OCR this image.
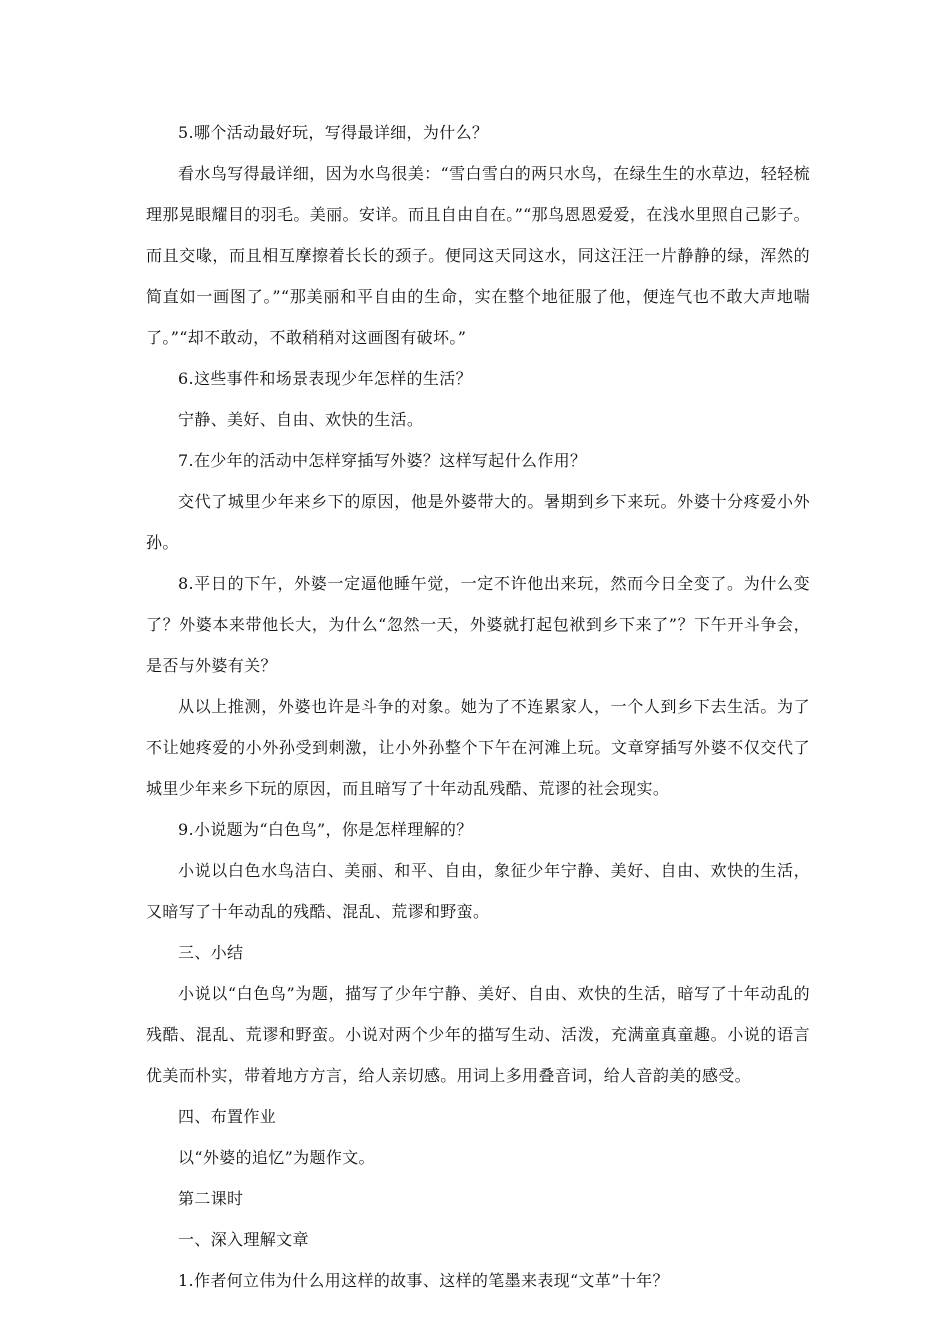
5.哪个活动最好玩，写得最详细，为什么？

看水鸟写得最详细，因为水鸟很美：“雪白雪白的两只水鸟，在绿生生的水草边，轻轻梳理那晃眼耀目的羽毛。美丽。安详。而且自由自在。”“那鸟恩恩爱爱，在浅水里照自己影子。而且交喙，而且相互摩擦着长长的颈子。便同这天同这水，同这汪汪一片静静的绿，浑然的简直如一画图了。”“那美丽和平自由的生命，实在整个地征服了他，便连气也不敢大声地喘了。”“却不敢动，不敢稍稍对这画图有破坏。”

6.这些事件和场景表现少年怎样的生活？

宁静、美好、自由、欢快的生活。

7.在少年的活动中怎样穿插写外婆？这样写起什么作用？

交代了城里少年来乡下的原因，他是外婆带大的。暑期到乡下来玩。外婆十分疼爱小外孙。

8.平日的下午，外婆一定逼他睡午觉，一定不许他出来玩，然而今日全变了。为什么变了？外婆本来带他长大，为什么“忽然一天，外婆就打起包袱到乡下来了”？下午开斗争会，是否与外婆有关？

从以上推测，外婆也许是斗争的对象。她为了不连累家人，一个人到乡下去生活。为了不让她疼爱的小外孙受到刺激，让小外孙整个下午在河滩上玩。文章穿插写外婆不仅交代了城里少年来乡下玩的原因，而且暗写了十年动乱残酷、荒谬的社会现实。

9.小说题为“白色鸟”，你是怎样理解的？

小说以白色水鸟洁白、美丽、和平、自由，象征少年宁静、美好、自由、欢快的生活，又暗写了十年动乱的残酷、混乱、荒谬和野蛮。

三、小结

小说以“白色鸟”为题，描写了少年宁静、美好、自由、欢快的生活，暗写了十年动乱的残酷、混乱、荒谬和野蛮。小说对两个少年的描写生动、活泼，充满童真童趣。小说的语言优美而朴实，带着地方方言，给人亲切感。用词上多用叠音词，给人音韵美的感受。

四、布置作业

以“外婆的追忆”为题作文。

第二课时

一、深入理解文章

1.作者何立伟为什么用这样的故事、这样的笔墨来表现“文革”十年？
